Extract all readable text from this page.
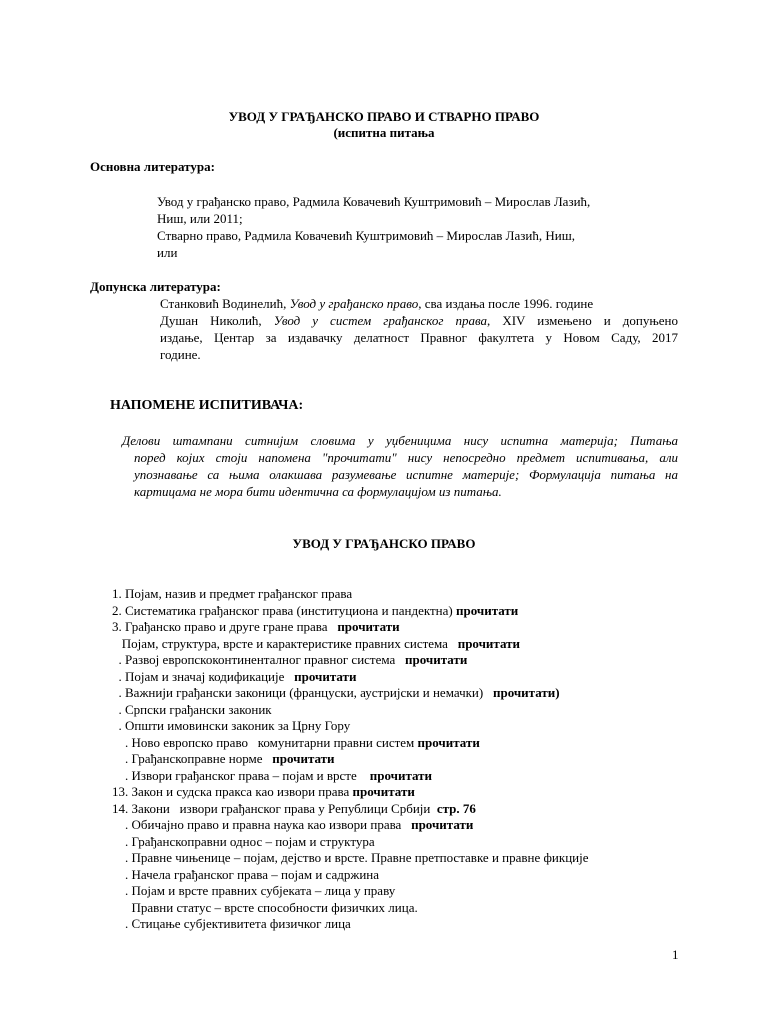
УВОД У ГРАЂАНСКО ПРАВО И СТВАРНО ПРАВО
(испитна питања
Основна литература:
Увод у грађанско право, Радмила Ковачевић Куштримовић – Мирослав Лазић,
Ниш, или 2011;
Стварно право, Радмила Ковачевић Куштримовић – Мирослав Лазић, Ниш,
или
Допунска литература:
Станковић Водинелић, Увод у грађанско право, сва издања после 1996. године
Душан Николић, Увод у систем грађанског права, XIV измењено и допуњено
издање, Центар за издавачку делатност Правног факултета у Новом Саду, 2017
године.
НАПОМЕНЕ ИСПИТИВАЧА:
Делови штампани ситнијим словима у уџбеницима нису испитна материја; Питања
поред којих стоји напомена "прочитати" нису непосредно предмет испитивања, али
упознавање са њима олакшава разумевање испитне материје; Формулација питања на
картицама не мора бити идентична са формулацијом из питања.
УВОД У ГРАЂАНСКО ПРАВО
1. Појам, назив и предмет грађанског права
2. Систематика грађанског права (институциона и пандектна) прочитати
3. Грађанско право и друге гране права   прочитати
Појам, структура, врсте и карактеристике правних система   прочитати
. Развој европскоконтиненталног правног система   прочитати
. Појам и значај кодификације   прочитати
. Важнији грађански законици (француски, аустријски и немачки)   прочитати)
. Српски грађански законик
. Општи имовински законик за Црну Гору
. Ново европско право   комунитарни правни систем прочитати
. Грађанскоправне норме   прочитати
. Извори грађанског права – појам и врсте    прочитати
13. Закон и судска пракса као извори права прочитати
14. Закони   извори грађанског права у Републици Србији  стр. 76
. Обичајно право и правна наука као извори права   прочитати
. Грађанскоправни однос – појам и структура
. Правне чињенице – појам, дејство и врсте. Правне претпоставке и правне фикције
. Начела грађанског права – појам и садржина
. Појам и врсте правних субјеката – лица у праву
Правни статус – врсте способности физичких лица.
. Стицање субјективитета физичког лица
1
